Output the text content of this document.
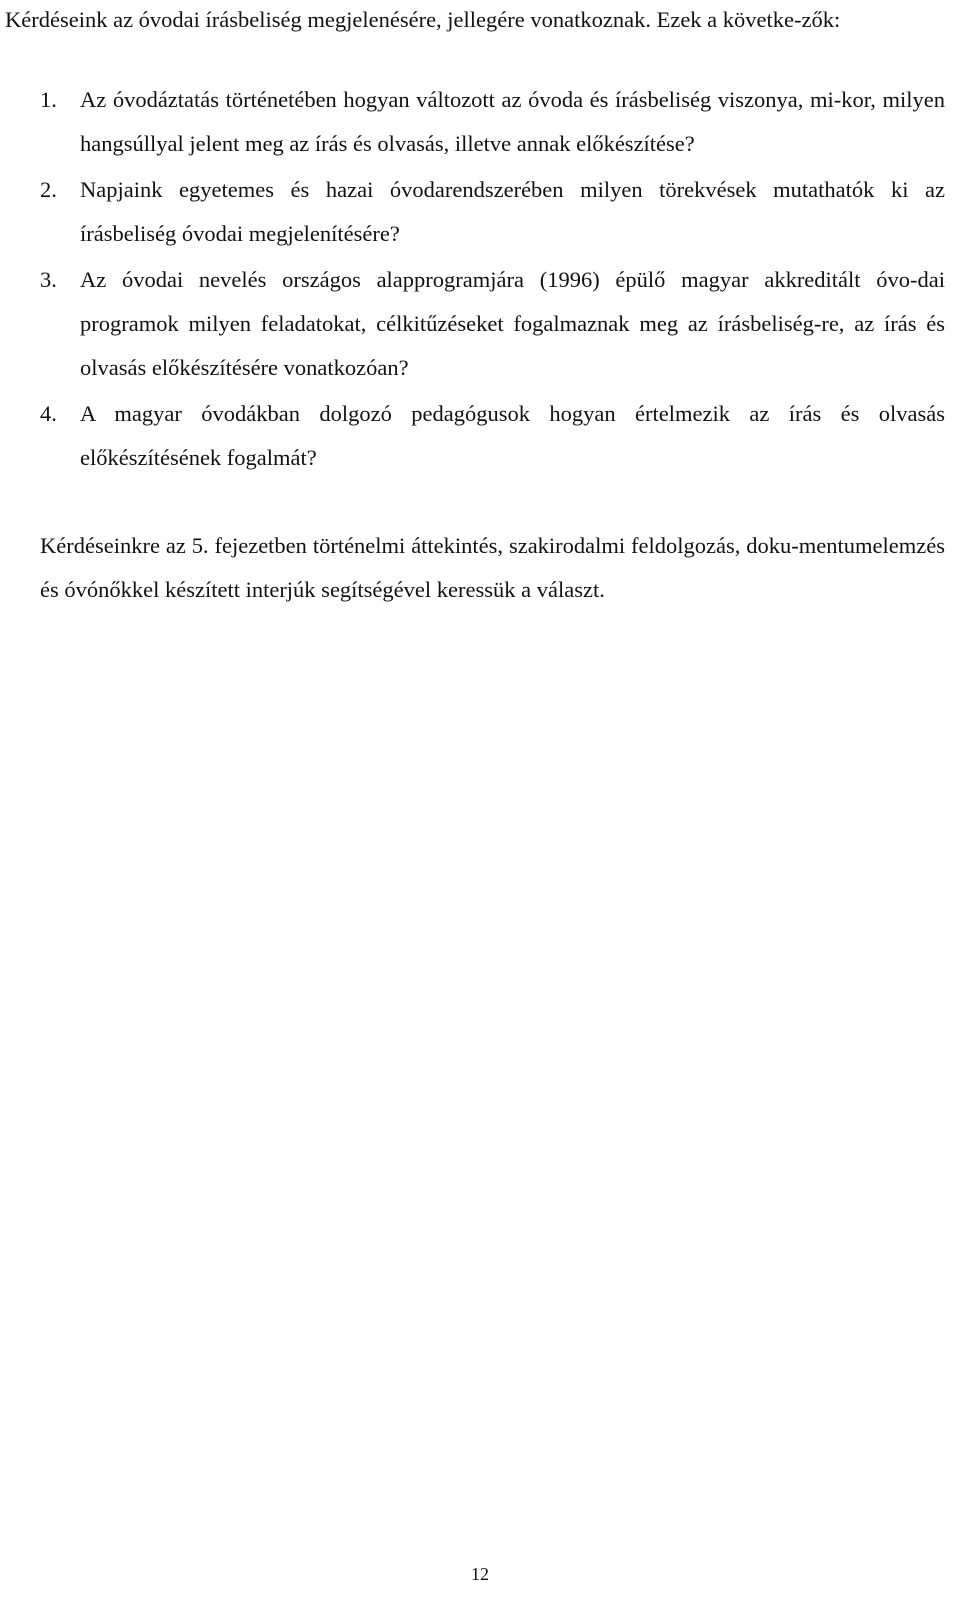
Kérdéseink az óvodai írásbeliség megjelenésére, jellegére vonatkoznak. Ezek a követke-zők:

1. Az óvodáztatás történetében hogyan változott az óvoda és írásbeliség viszonya, mi-kor, milyen hangsúllyal jelent meg az írás és olvasás, illetve annak előkészítése?
2. Napjaink egyetemes és hazai óvodarendszerében milyen törekvések mutathatók ki az írásbeliség óvodai megjelenítésére?
3. Az óvodai nevelés országos alapprogramjára (1996) épülő magyar akkreditált óvo-dai programok milyen feladatokat, célkitűzéseket fogalmaznak meg az írásbeliség-re, az írás és olvasás előkészítésére vonatkozóan?
4. A magyar óvodákban dolgozó pedagógusok hogyan értelmezik az írás és olvasás előkészítésének fogalmát?

Kérdéseinkre az 5. fejezetben történelmi áttekintés, szakirodalmi feldolgozás, doku-mentumelemzés és óvónőkkel készített interjúk segítségével keressük a választ.

12
